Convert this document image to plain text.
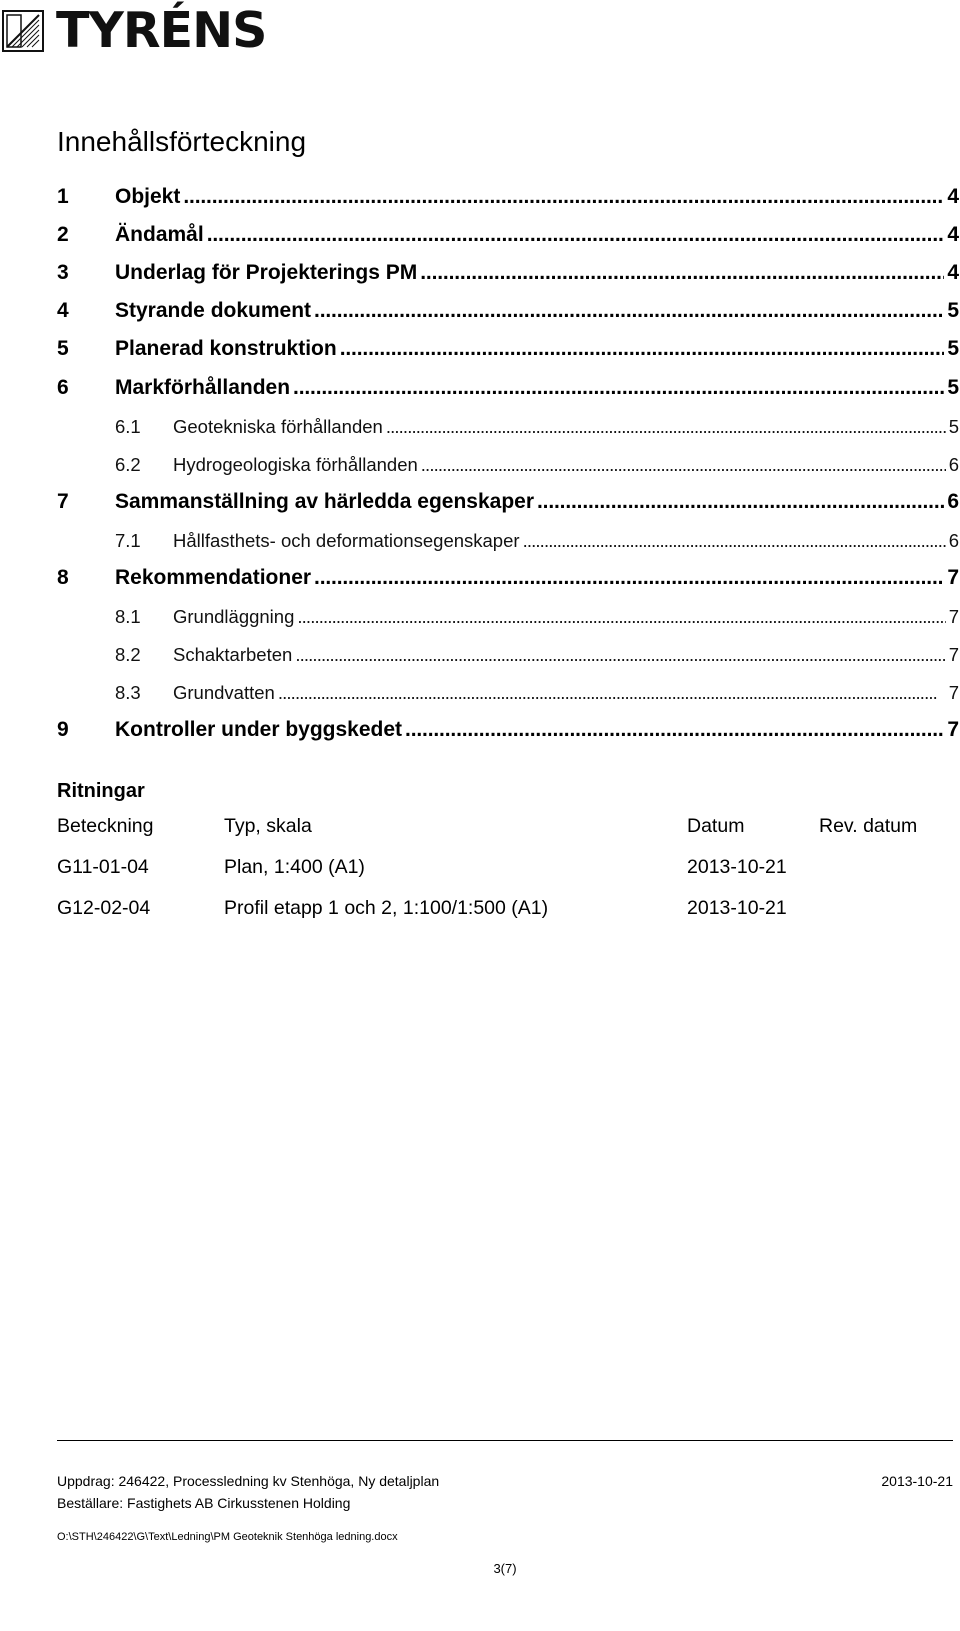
TYRÉNS
Innehållsförteckning
1	Objekt . . .	4
2	Ändamål . . .	4
3	Underlag för Projekterings PM . . .	4
4	Styrande dokument . . .	5
5	Planerad konstruktion . . .	5
6	Markförhållanden . . .	5
6.1	Geotekniska förhållanden . . .	5
6.2	Hydrogeologiska förhållanden . . .	6
7	Sammanställning av härledda egenskaper . . .	6
7.1	Hållfasthets- och deformationsegenskaper . . .	6
8	Rekommendationer . . .	7
8.1	Grundläggning . . .	7
8.2	Schaktarbeten . . .	7
8.3	Grundvatten . . .	7
9	Kontroller under byggskedet . . .	7
Ritningar
Beteckning	Typ, skala	Datum	Rev. datum
G11-01-04	Plan, 1:400 (A1)	2013-10-21
G12-02-04	Profil etapp 1 och 2, 1:100/1:500 (A1)	2013-10-21
Uppdrag: 246422, Processledning kv Stenhöga, Ny detaljplan	2013-10-21
Beställare: Fastighets AB Cirkusstenen Holding
O:\STH\246422\G\Text\Ledning\PM Geoteknik Stenhöga ledning.docx
3(7)
